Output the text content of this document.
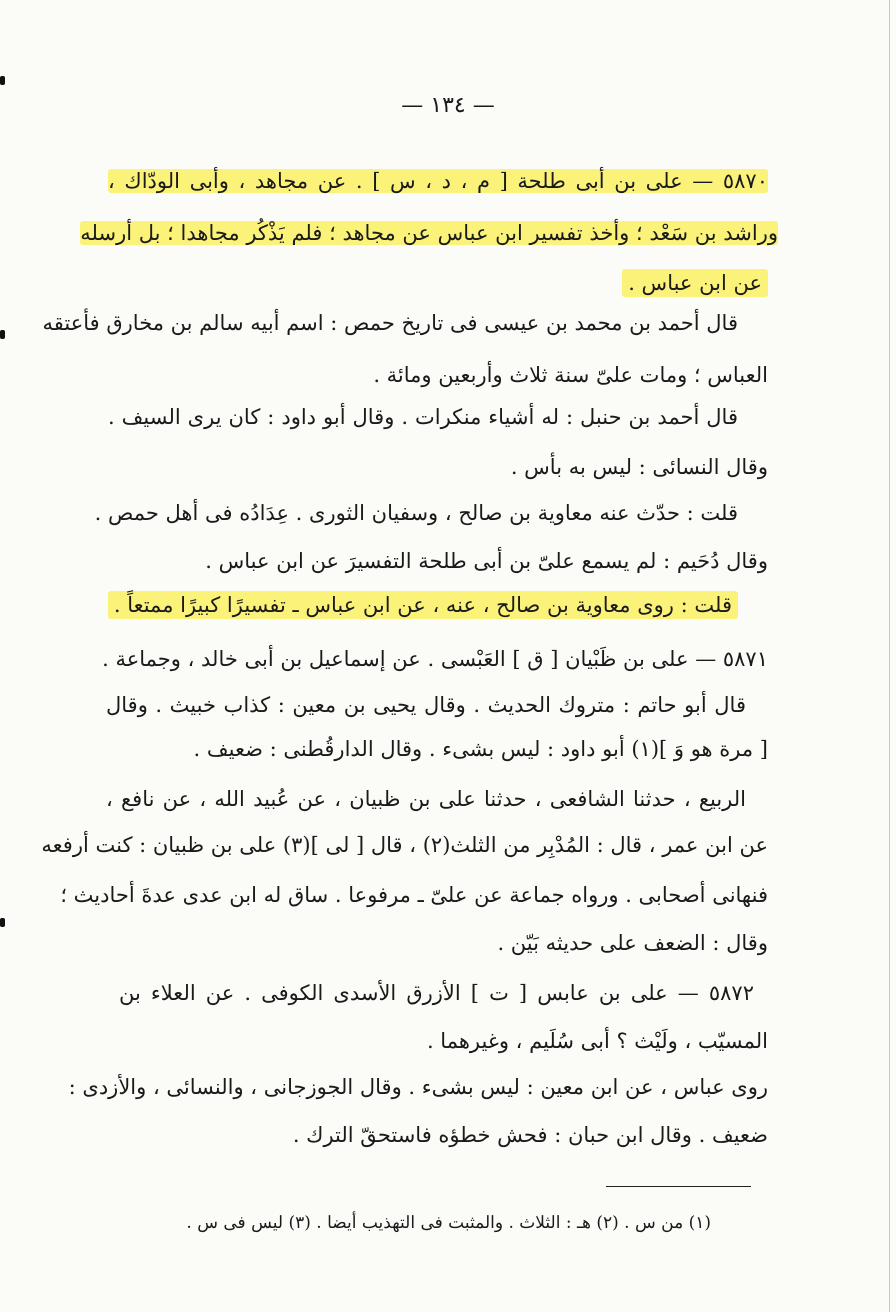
— ١٣٤ —
٥٨٧٠ — على بن أبى طلحة [ م ، د ، س ] . عن مجاهد ، وأبى الودّاك ،
وراشد بن سَعْد ؛ وأخذ تفسير ابن عباس عن مجاهد ؛ فلم يَذْكُر مجاهدا ؛ بل أرسله
عن ابن عباس .
قال أحمد بن محمد بن عيسى فى تاريخ حمص : اسم أبيه سالم بن مخارق فأعتقه
العباس ؛ ومات علىّ سنة ثلاث وأربعين ومائة .
قال أحمد بن حنبل : له أشياء منكرات . وقال أبو داود : كان يرى السيف .
وقال النسائى : ليس به بأس .
قلت : حدّث عنه معاوية بن صالح ، وسفيان الثورى . عِدَادُه فى أهل حمص .
وقال دُحَيم : لم يسمع علىّ بن أبى طلحة التفسيرَ عن ابن عباس .
قلت : روى معاوية بن صالح ، عنه ، عن ابن عباس ـ تفسيرًا كبيرًا ممتعاً .
٥٨٧١ — على بن ظَبْيان [ ق ] العَبْسى . عن إسماعيل بن أبى خالد ، وجماعة .
قال أبو حاتم : متروك الحديث . وقال يحيى بن معين : كذاب خبيث . وقال
[ مرة هو وَ ](١) أبو داود : ليس بشىء . وقال الدارقُطنى : ضعيف .
الربيع ، حدثنا الشافعى ، حدثنا على بن ظبيان ، عن عُبيد الله ، عن نافع ،
عن ابن عمر ، قال : المُدْبِر من الثلث(٢) ، قال [ لى ](٣) على بن ظبيان : كنت أرفعه
فنهانى أصحابى . ورواه جماعة عن علىّ ـ مرفوعا . ساق له ابن عدى عدةَ أحاديث ؛
وقال : الضعف على حديثه بَيّن .
٥٨٧٢ — على بن عابس [ ت ] الأزرق الأسدى الكوفى . عن العلاء بن
المسيّب ، ولَيْث ؟ أبى سُلَيم ، وغيرهما .
روى عباس ، عن ابن معين : ليس بشىء . وقال الجوزجانى ، والنسائى ، والأزدى :
ضعيف . وقال ابن حبان : فحش خطؤه فاستحقّ الترك .
(١) من س . (٢) هـ : الثلاث . والمثبت فى التهذيب أيضا . (٣) ليس فى س .
